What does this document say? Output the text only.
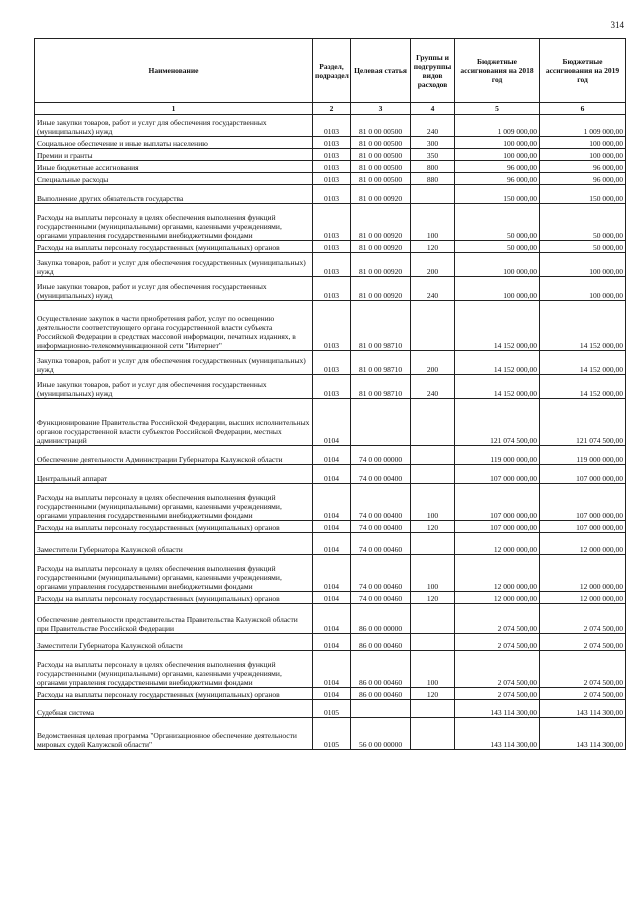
314
Наименование	Раздел, подраздел	Целевая статья	Группы и подгруппы видов расходов	Бюджетные ассигнования на 2018 год	Бюджетные ассигнования на 2019 год
1	2	3	4	5	6
Иные закупки товаров, работ и услуг для обеспечения государственных (муниципальных) нужд	0103	81 0 00 00500	240	1 009 000,00	1 009 000,00
Социальное обеспечение и иные выплаты населению	0103	81 0 00 00500	300	100 000,00	100 000,00
Премии и гранты	0103	81 0 00 00500	350	100 000,00	100 000,00
Иные бюджетные ассигнования	0103	81 0 00 00500	800	96 000,00	96 000,00
Специальные расходы	0103	81 0 00 00500	880	96 000,00	96 000,00
Выполнение других обязательств государства	0103	81 0 00 00920		150 000,00	150 000,00
Расходы на выплаты персоналу в целях обеспечения выполнения функций государственными (муниципальными) органами, казенными учреждениями, органами управления государственными внебюджетными фондами	0103	81 0 00 00920	100	50 000,00	50 000,00
Расходы на выплаты персоналу государственных (муниципальных) органов	0103	81 0 00 00920	120	50 000,00	50 000,00
Закупка товаров, работ и услуг для обеспечения государственных (муниципальных) нужд	0103	81 0 00 00920	200	100 000,00	100 000,00
Иные закупки товаров, работ и услуг для обеспечения государственных (муниципальных) нужд	0103	81 0 00 00920	240	100 000,00	100 000,00
Осуществление закупок в части приобретения работ, услуг по освещению деятельности соответствующего органа государственной власти субъекта Российской Федерации в средствах массовой информации, печатных изданиях, в информационно-телекоммуникационной сети "Интернет"	0103	81 0 00 98710		14 152 000,00	14 152 000,00
Закупка товаров, работ и услуг для обеспечения государственных (муниципальных) нужд	0103	81 0 00 98710	200	14 152 000,00	14 152 000,00
Иные закупки товаров, работ и услуг для обеспечения государственных (муниципальных) нужд	0103	81 0 00 98710	240	14 152 000,00	14 152 000,00
Функционирование Правительства Российской Федерации, высших исполнительных органов государственной власти субъектов Российской Федерации, местных администраций	0104			121 074 500,00	121 074 500,00
Обеспечение деятельности Администрации Губернатора Калужской области	0104	74 0 00 00000		119 000 000,00	119 000 000,00
Центральный аппарат	0104	74 0 00 00400		107 000 000,00	107 000 000,00
Расходы на выплаты персоналу в целях обеспечения выполнения функций государственными (муниципальными) органами, казенными учреждениями, органами управления государственными внебюджетными фондами	0104	74 0 00 00400	100	107 000 000,00	107 000 000,00
Расходы на выплаты персоналу государственных (муниципальных) органов	0104	74 0 00 00400	120	107 000 000,00	107 000 000,00
Заместители Губернатора Калужской области	0104	74 0 00 00460		12 000 000,00	12 000 000,00
Расходы на выплаты персоналу в целях обеспечения выполнения функций государственными (муниципальными) органами, казенными учреждениями, органами управления государственными внебюджетными фондами	0104	74 0 00 00460	100	12 000 000,00	12 000 000,00
Расходы на выплаты персоналу государственных (муниципальных) органов	0104	74 0 00 00460	120	12 000 000,00	12 000 000,00
Обеспечение деятельности представительства Правительства Калужской области при Правительстве Российской Федерации	0104	86 0 00 00000		2 074 500,00	2 074 500,00
Заместители Губернатора Калужской области	0104	86 0 00 00460		2 074 500,00	2 074 500,00
Расходы на выплаты персоналу в целях обеспечения выполнения функций государственными (муниципальными) органами, казенными учреждениями, органами управления государственными внебюджетными фондами	0104	86 0 00 00460	100	2 074 500,00	2 074 500,00
Расходы на выплаты персоналу государственных (муниципальных) органов	0104	86 0 00 00460	120	2 074 500,00	2 074 500,00
Судебная система	0105			143 114 300,00	143 114 300,00
Ведомственная целевая программа "Организационное обеспечение деятельности мировых судей Калужской области"	0105	56 0 00 00000		143 114 300,00	143 114 300,00
